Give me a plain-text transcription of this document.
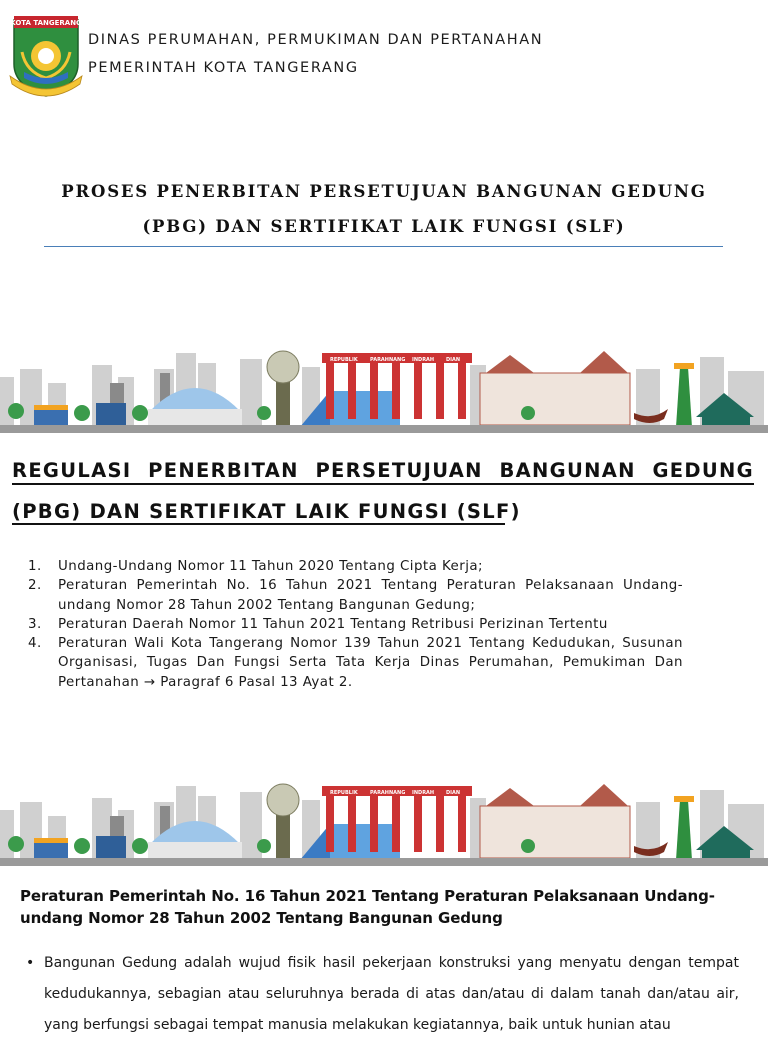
KOTA TANGERANG
DINAS PERUMAHAN, PERMUKIMAN DAN PERTANAHAN
PEMERINTAH KOTA TANGERANG
PROSES PENERBITAN PERSETUJUAN BANGUNAN GEDUNG
(PBG) DAN SERTIFIKAT LAIK FUNGSI (SLF)
REPUBLIK PARAHNANG INDRAH DIAN
REGULASI PENERBITAN PERSETUJUAN BANGUNAN GEDUNG
(PBG) DAN SERTIFIKAT LAIK FUNGSI (SLF)
1. Undang-Undang Nomor 11 Tahun 2020 Tentang Cipta Kerja;
2. Peraturan Pemerintah No. 16 Tahun 2021 Tentang Peraturan Pelaksanaan Undang-undang Nomor 28 Tahun 2002 Tentang Bangunan Gedung;
3. Peraturan Daerah Nomor 11 Tahun 2021 Tentang Retribusi Perizinan Tertentu
4. Peraturan Wali Kota Tangerang Nomor 139 Tahun 2021 Tentang Kedudukan, Susunan Organisasi, Tugas Dan Fungsi Serta Tata Kerja Dinas Perumahan, Pemukiman Dan Pertanahan → Paragraf 6 Pasal 13 Ayat 2.
REPUBLIK PARAHNANG INDRAH DIAN
Peraturan Pemerintah No. 16 Tahun 2021 Tentang Peraturan Pelaksanaan Undang-undang Nomor 28 Tahun 2002 Tentang Bangunan Gedung
• Bangunan Gedung adalah wujud fisik hasil pekerjaan konstruksi yang menyatu dengan tempat kedudukannya, sebagian atau seluruhnya berada di atas dan/atau di dalam tanah dan/atau air, yang berfungsi sebagai tempat manusia melakukan kegiatannya, baik untuk hunian atau
